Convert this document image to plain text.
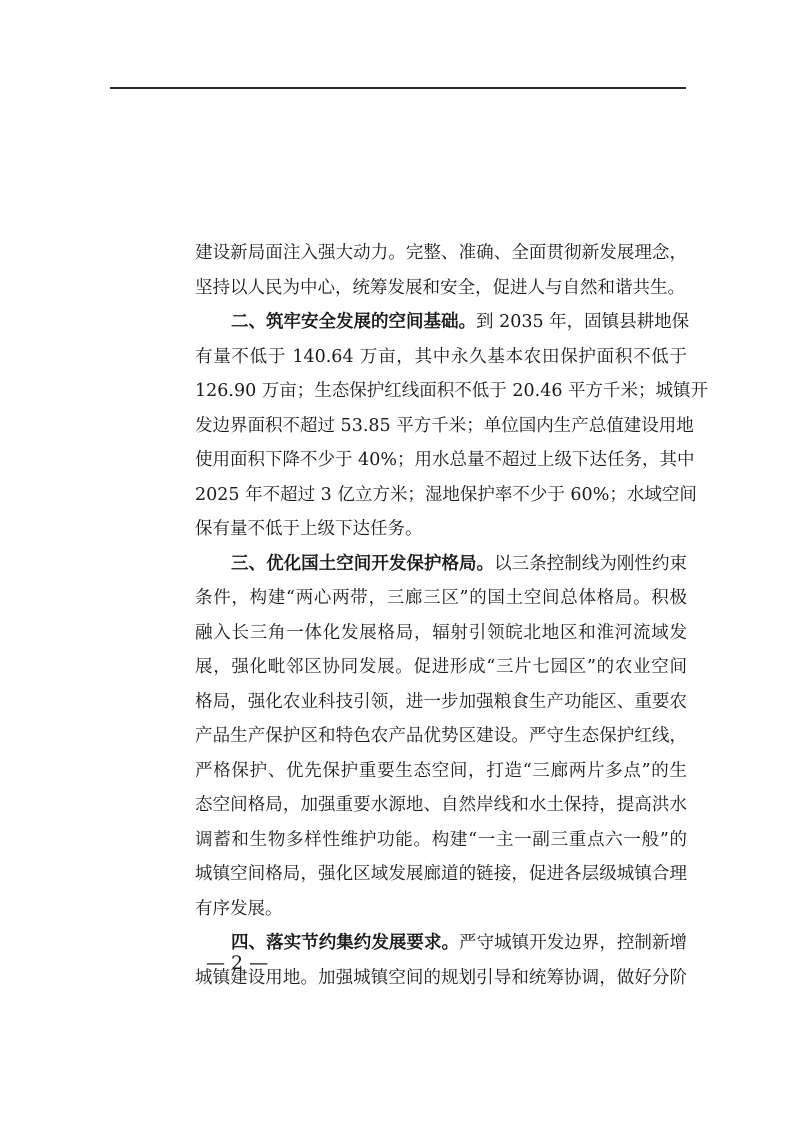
建设新局面注入强大动力。完整、准确、全面贯彻新发展理念，
坚持以人民为中心，统筹发展和安全，促进人与自然和谐共生。
二、筑牢安全发展的空间基础。到 2035 年，固镇县耕地保
有量不低于 140.64 万亩，其中永久基本农田保护面积不低于
126.90 万亩；生态保护红线面积不低于 20.46 平方千米；城镇开
发边界面积不超过 53.85 平方千米；单位国内生产总值建设用地
使用面积下降不少于 40%；用水总量不超过上级下达任务，其中
2025 年不超过 3 亿立方米；湿地保护率不少于 60%；水域空间
保有量不低于上级下达任务。
三、优化国土空间开发保护格局。以三条控制线为刚性约束
条件，构建“两心两带，三廊三区”的国土空间总体格局。积极
融入长三角一体化发展格局，辐射引领皖北地区和淮河流域发
展，强化毗邻区协同发展。促进形成“三片七园区”的农业空间
格局，强化农业科技引领，进一步加强粮食生产功能区、重要农
产品生产保护区和特色农产品优势区建设。严守生态保护红线，
严格保护、优先保护重要生态空间，打造“三廊两片多点”的生
态空间格局，加强重要水源地、自然岸线和水土保持，提高洪水
调蓄和生物多样性维护功能。构建“一主一副三重点六一般”的
城镇空间格局，强化区域发展廊道的链接，促进各层级城镇合理
有序发展。
四、落实节约集约发展要求。严守城镇开发边界，控制新增
城镇建设用地。加强城镇空间的规划引导和统筹协调，做好分阶
— 2 —
